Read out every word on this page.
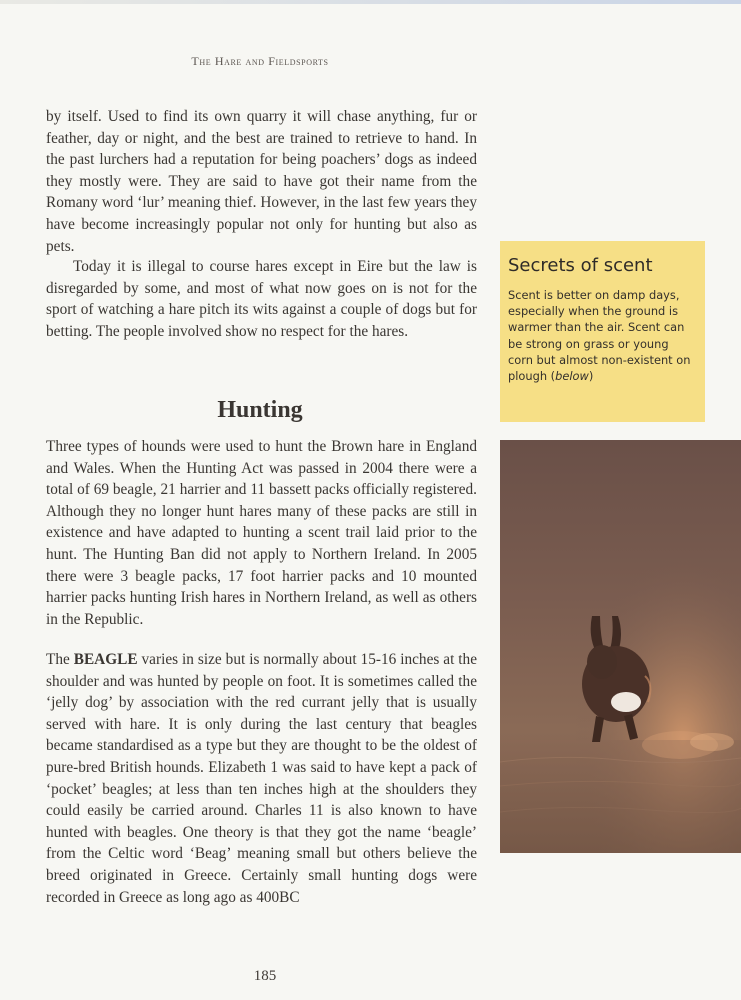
The Hare and Fieldsports

by itself. Used to find its own quarry it will chase anything, fur or feather, day or night, and the best are trained to retrieve to hand. In the past lurchers had a reputation for being poachers’ dogs as indeed they mostly were. They are said to have got their name from the Romany word ‘lur’ meaning thief. However, in the last few years they have become increasingly popular not only for hunting but also as pets.

Today it is illegal to course hares except in Eire but the law is disregarded by some, and most of what now goes on is not for the sport of watching a hare pitch its wits against a couple of dogs but for betting. The people involved show no respect for the hares.

Hunting

Three types of hounds were used to hunt the Brown hare in England and Wales. When the Hunting Act was passed in 2004 there were a total of 69 beagle, 21 harrier and 11 bassett packs officially registered. Although they no longer hunt hares many of these packs are still in existence and have adapted to hunting a scent trail laid prior to the hunt. The Hunting Ban did not apply to Northern Ireland. In 2005 there were 3 beagle packs, 17 foot harrier packs and 10 mounted harrier packs hunting Irish hares in Northern Ireland, as well as others in the Republic.

The BEAGLE varies in size but is normally about 15-16 inches at the shoulder and was hunted by people on foot. It is sometimes called the ‘jelly dog’ by association with the red currant jelly that is usually served with hare. It is only during the last century that beagles became standardised as a type but they are thought to be the oldest of pure-bred British hounds. Elizabeth 1 was said to have kept a pack of ‘pocket’ beagles; at less than ten inches high at the shoulders they could easily be carried around. Charles 11 is also known to have hunted with beagles. One theory is that they got the name ‘beagle’ from the Celtic word ‘Beag’ meaning small but others believe the breed originated in Greece. Certainly small hunting dogs were recorded in Greece as long ago as 400BC

Secrets of scent

Scent is better on damp days, especially when the ground is warmer than the air. Scent can be strong on grass or young corn but almost non-existent on plough (below)

185
